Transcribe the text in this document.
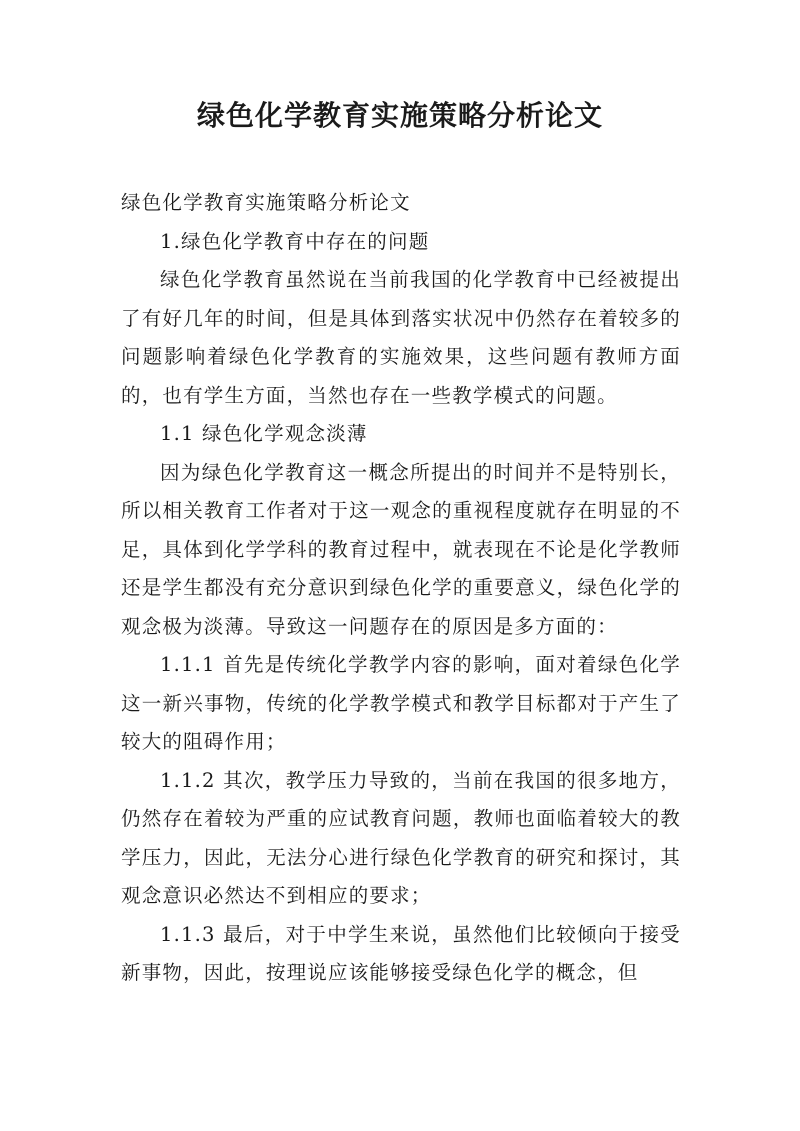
绿色化学教育实施策略分析论文

绿色化学教育实施策略分析论文

1.绿色化学教育中存在的问题

绿色化学教育虽然说在当前我国的化学教育中已经被提出了有好几年的时间，但是具体到落实状况中仍然存在着较多的问题影响着绿色化学教育的实施效果，这些问题有教师方面的，也有学生方面，当然也存在一些教学模式的问题。

1.1 绿色化学观念淡薄

因为绿色化学教育这一概念所提出的时间并不是特别长，所以相关教育工作者对于这一观念的重视程度就存在明显的不足，具体到化学学科的教育过程中，就表现在不论是化学教师还是学生都没有充分意识到绿色化学的重要意义，绿色化学的观念极为淡薄。导致这一问题存在的原因是多方面的：

1.1.1 首先是传统化学教学内容的影响，面对着绿色化学这一新兴事物，传统的化学教学模式和教学目标都对于产生了较大的阻碍作用；

1.1.2 其次，教学压力导致的，当前在我国的很多地方，仍然存在着较为严重的应试教育问题，教师也面临着较大的教学压力，因此，无法分心进行绿色化学教育的研究和探讨，其观念意识必然达不到相应的要求；

1.1.3 最后，对于中学生来说，虽然他们比较倾向于接受新事物，因此，按理说应该能够接受绿色化学的概念，但
